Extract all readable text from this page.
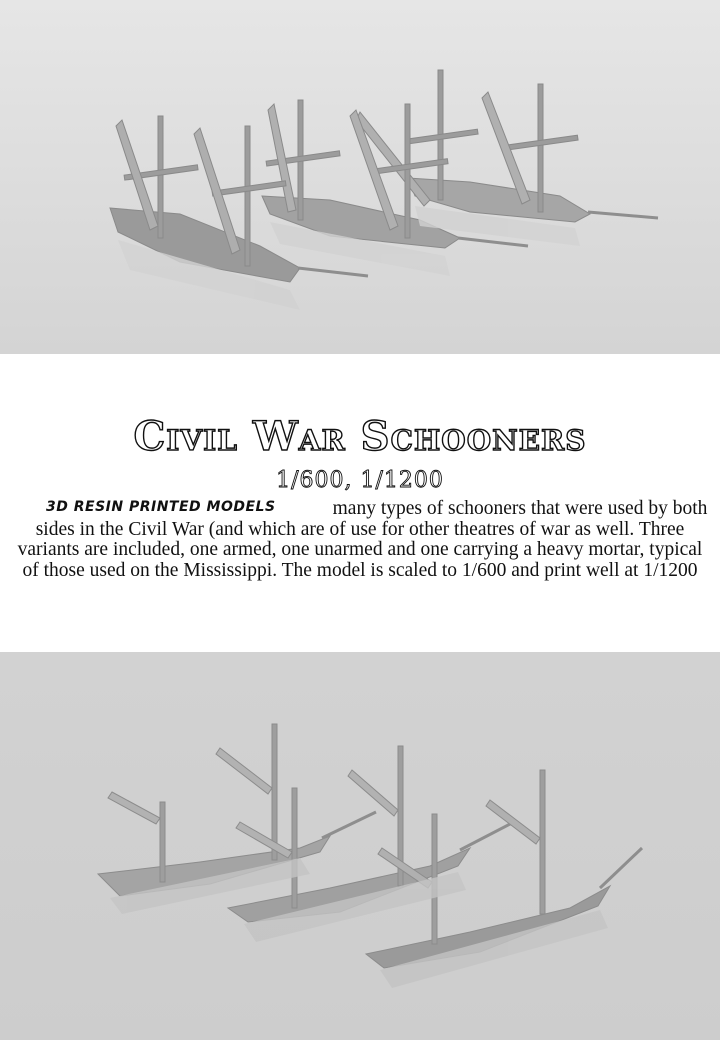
Civil War Schooners
1/600, 1/1200
3D RESIN PRINTED MODELS	many types of schooners that were used by both sides in the Civil War (and which are of use for other theatres of war as well. Three variants are included, one armed, one unarmed and one carrying a heavy mortar, typical of those used on the Mississippi. The model is scaled to 1/600 and print well at 1/1200
